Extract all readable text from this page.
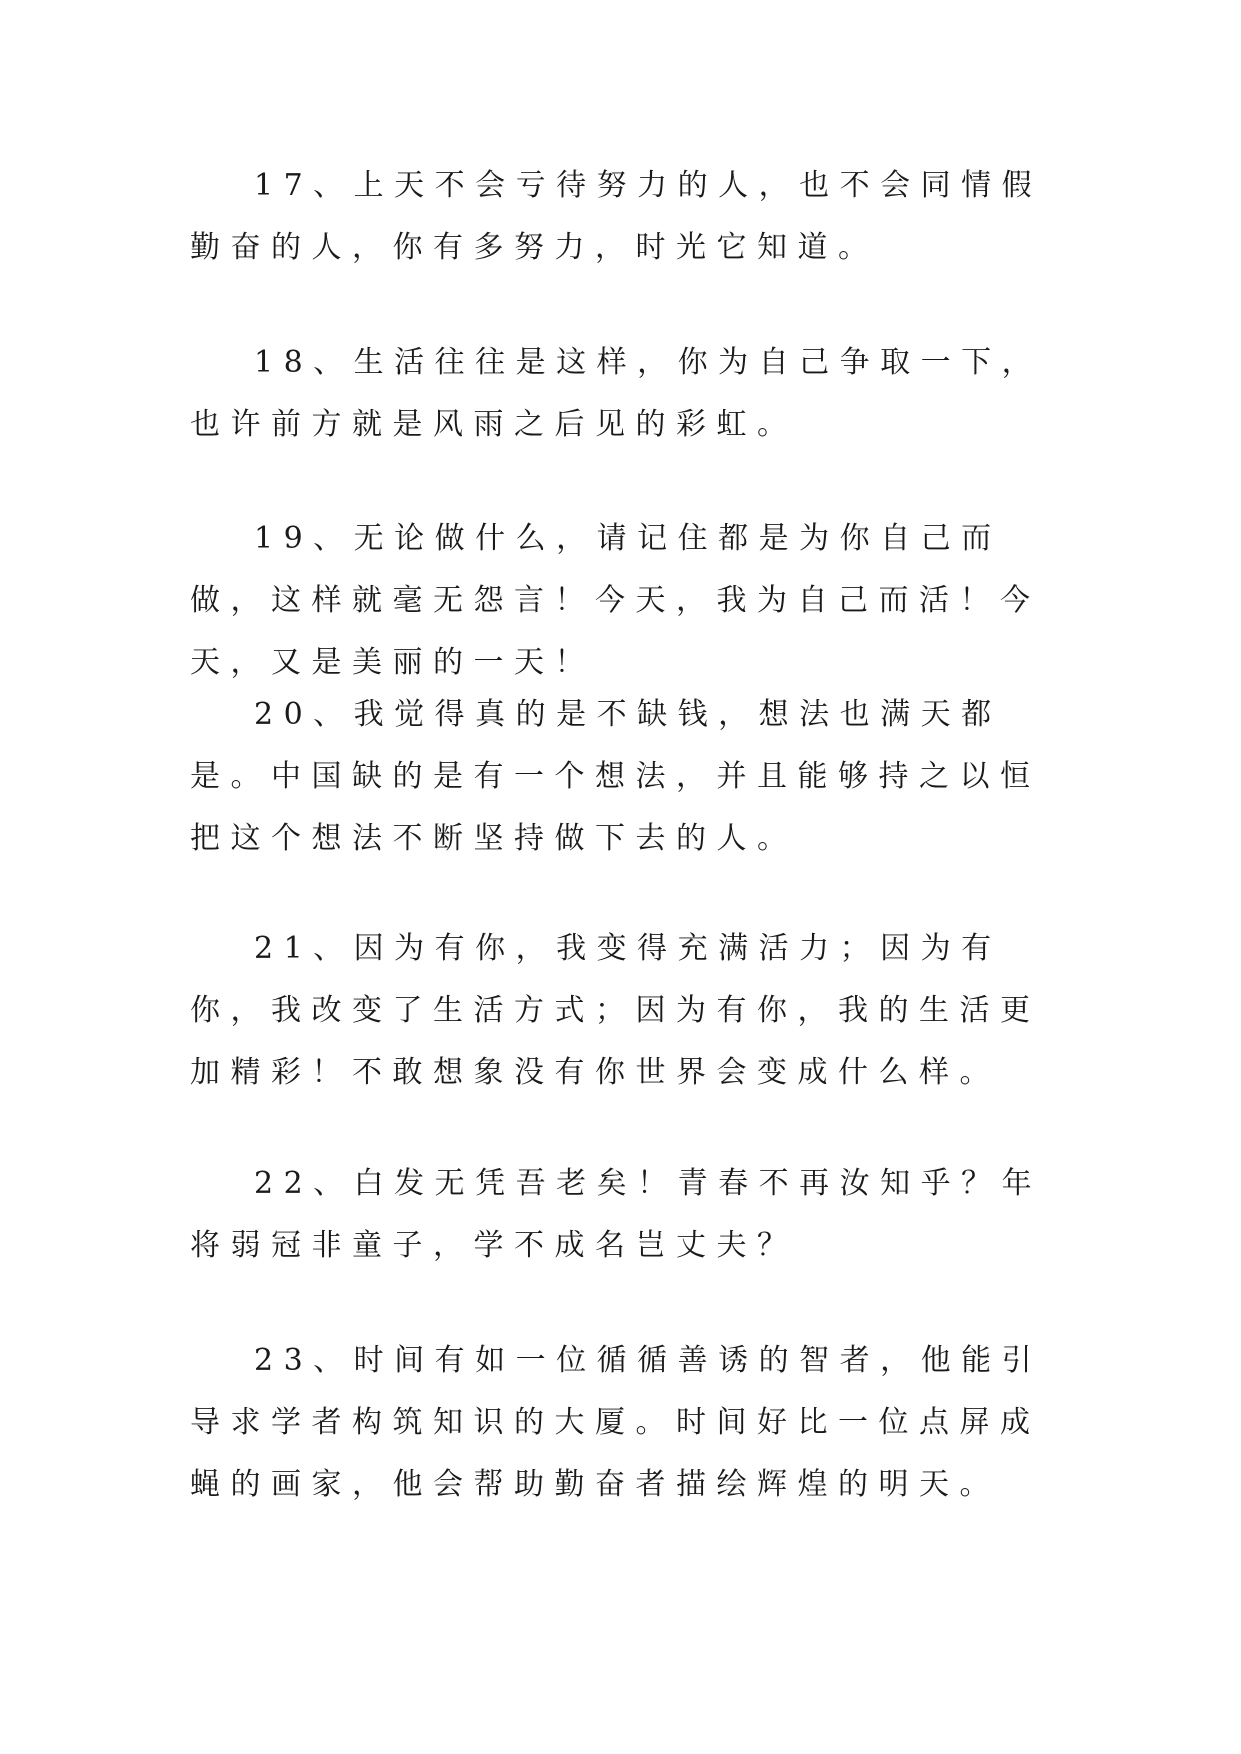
17、上天不会亏待努力的人，也不会同情假勤奋的人，你有多努力，时光它知道。

18、生活往往是这样，你为自己争取一下，也许前方就是风雨之后见的彩虹。

19、无论做什么，请记住都是为你自己而做，这样就毫无怨言！今天，我为自己而活！今天，又是美丽的一天！

20、我觉得真的是不缺钱，想法也满天都是。中国缺的是有一个想法，并且能够持之以恒把这个想法不断坚持做下去的人。

21、因为有你，我变得充满活力；因为有你，我改变了生活方式；因为有你，我的生活更加精彩！不敢想象没有你世界会变成什么样。

22、白发无凭吾老矣！青春不再汝知乎？年将弱冠非童子，学不成名岂丈夫？

23、时间有如一位循循善诱的智者，他能引导求学者构筑知识的大厦。时间好比一位点屏成蝇的画家，他会帮助勤奋者描绘辉煌的明天。
